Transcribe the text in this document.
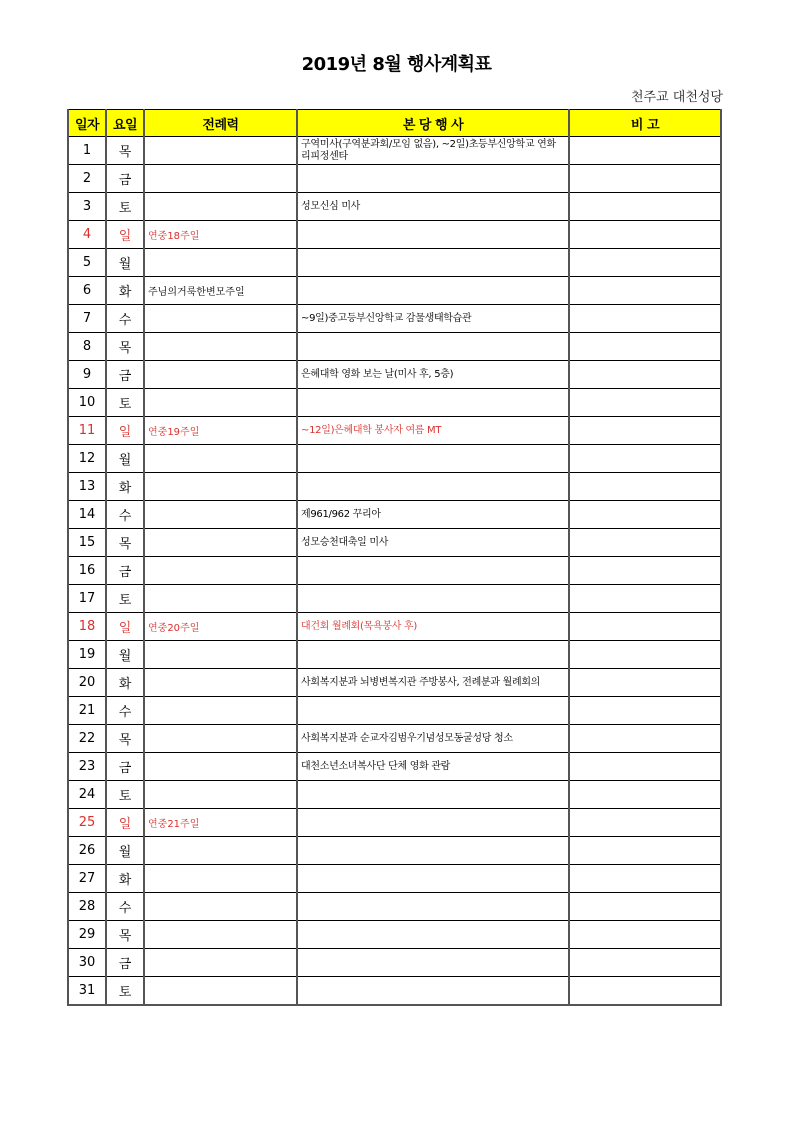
2019년 8월 행사계획표
천주교 대천성당
일자	요일	전례력	본 당 행 사	비 고
1	목		구역미사(구역분과회/모임 없음), ~2일)초등부신앙학교 연화리피정센타	
2	금			
3	토		성모신심 미사	
4	일	연중18주일		
5	월			
6	화	주님의거룩한변모주일		
7	수		~9일)중고등부신앙학교 감물생태학습관	
8	목			
9	금		은혜대학 영화 보는 날(미사 후, 5층)	
10	토			
11	일	연중19주일	~12일)은혜대학 봉사자 여름 MT	
12	월			
13	화			
14	수		제961/962 꾸리아	
15	목		성모승천대축일 미사	
16	금			
17	토			
18	일	연중20주일	대건회 월례회(목욕봉사 후)	
19	월			
20	화		사회복지분과 뇌병변복지관 주방봉사, 전례분과 월례회의	
21	수			
22	목		사회복지분과 순교자김범우기념성모동굴성당 청소	
23	금		대천소년소녀복사단 단체 영화 관람	
24	토			
25	일	연중21주일		
26	월			
27	화			
28	수			
29	목			
30	금			
31	토			
